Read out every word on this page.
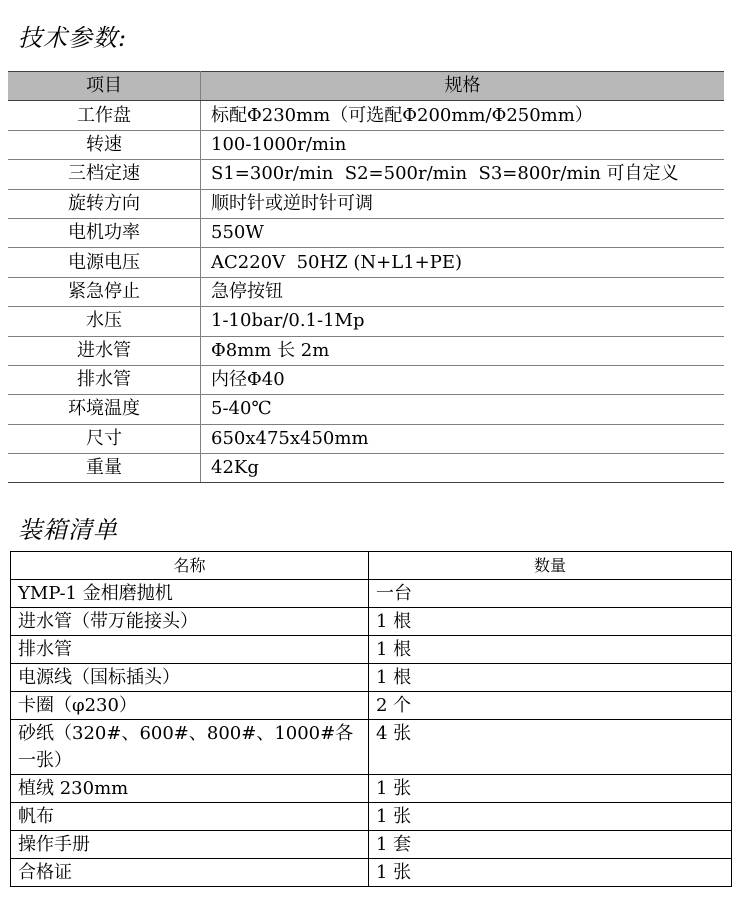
技术参数:
项目	规格
工作盘	标配Φ230mm（可选配Φ200mm/Φ250mm）
转速	100-1000r/min
三档定速	S1=300r/min  S2=500r/min  S3=800r/min 可自定义
旋转方向	顺时针或逆时针可调
电机功率	550W
电源电压	AC220V  50HZ (N+L1+PE)
紧急停止	急停按钮
水压	1-10bar/0.1-1Mp
进水管	Φ8mm 长 2m
排水管	内径Φ40
环境温度	5-40℃
尺寸	650x475x450mm
重量	42Kg
装箱清单
名称	数量
YMP-1 金相磨抛机	一台
进水管（带万能接头）	1 根
排水管	1 根
电源线（国标插头）	1 根
卡圈（φ230）	2 个
砂纸（320#、600#、800#、1000#各一张）	4 张
植绒 230mm	1 张
帆布	1 张
操作手册	1 套
合格证	1 张
